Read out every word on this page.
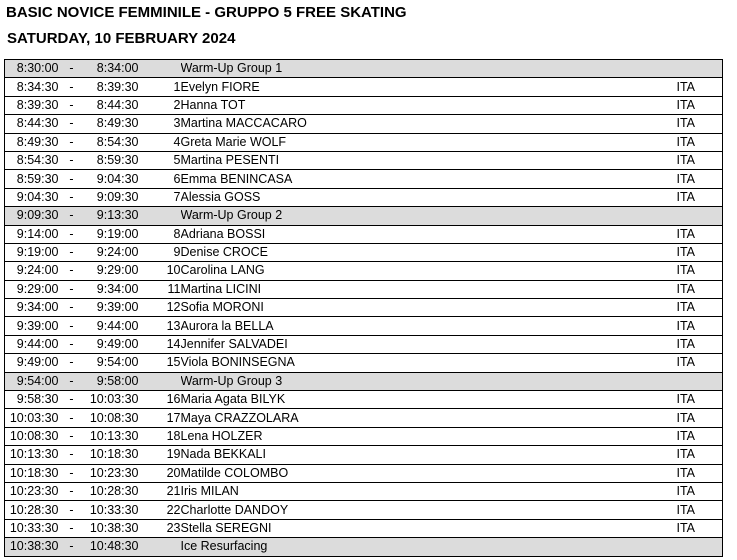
BASIC NOVICE FEMMINILE - GRUPPO 5 FREE SKATING
SATURDAY, 10 FEBRUARY 2024
8:30:00	-	8:34:00		Warm-Up Group 1	
8:34:30	-	8:39:30	1	Evelyn FIORE	ITA
8:39:30	-	8:44:30	2	Hanna TOT	ITA
8:44:30	-	8:49:30	3	Martina MACCACARO	ITA
8:49:30	-	8:54:30	4	Greta Marie WOLF	ITA
8:54:30	-	8:59:30	5	Martina PESENTI	ITA
8:59:30	-	9:04:30	6	Emma BENINCASA	ITA
9:04:30	-	9:09:30	7	Alessia GOSS	ITA
9:09:30	-	9:13:30		Warm-Up Group 2	
9:14:00	-	9:19:00	8	Adriana BOSSI	ITA
9:19:00	-	9:24:00	9	Denise CROCE	ITA
9:24:00	-	9:29:00	10	Carolina LANG	ITA
9:29:00	-	9:34:00	11	Martina LICINI	ITA
9:34:00	-	9:39:00	12	Sofia MORONI	ITA
9:39:00	-	9:44:00	13	Aurora la BELLA	ITA
9:44:00	-	9:49:00	14	Jennifer SALVADEI	ITA
9:49:00	-	9:54:00	15	Viola BONINSEGNA	ITA
9:54:00	-	9:58:00		Warm-Up Group 3	
9:58:30	-	10:03:30	16	Maria Agata BILYK	ITA
10:03:30	-	10:08:30	17	Maya CRAZZOLARA	ITA
10:08:30	-	10:13:30	18	Lena HOLZER	ITA
10:13:30	-	10:18:30	19	Nada BEKKALI	ITA
10:18:30	-	10:23:30	20	Matilde COLOMBO	ITA
10:23:30	-	10:28:30	21	Iris MILAN	ITA
10:28:30	-	10:33:30	22	Charlotte DANDOY	ITA
10:33:30	-	10:38:30	23	Stella SEREGNI	ITA
10:38:30	-	10:48:30		Ice Resurfacing	
